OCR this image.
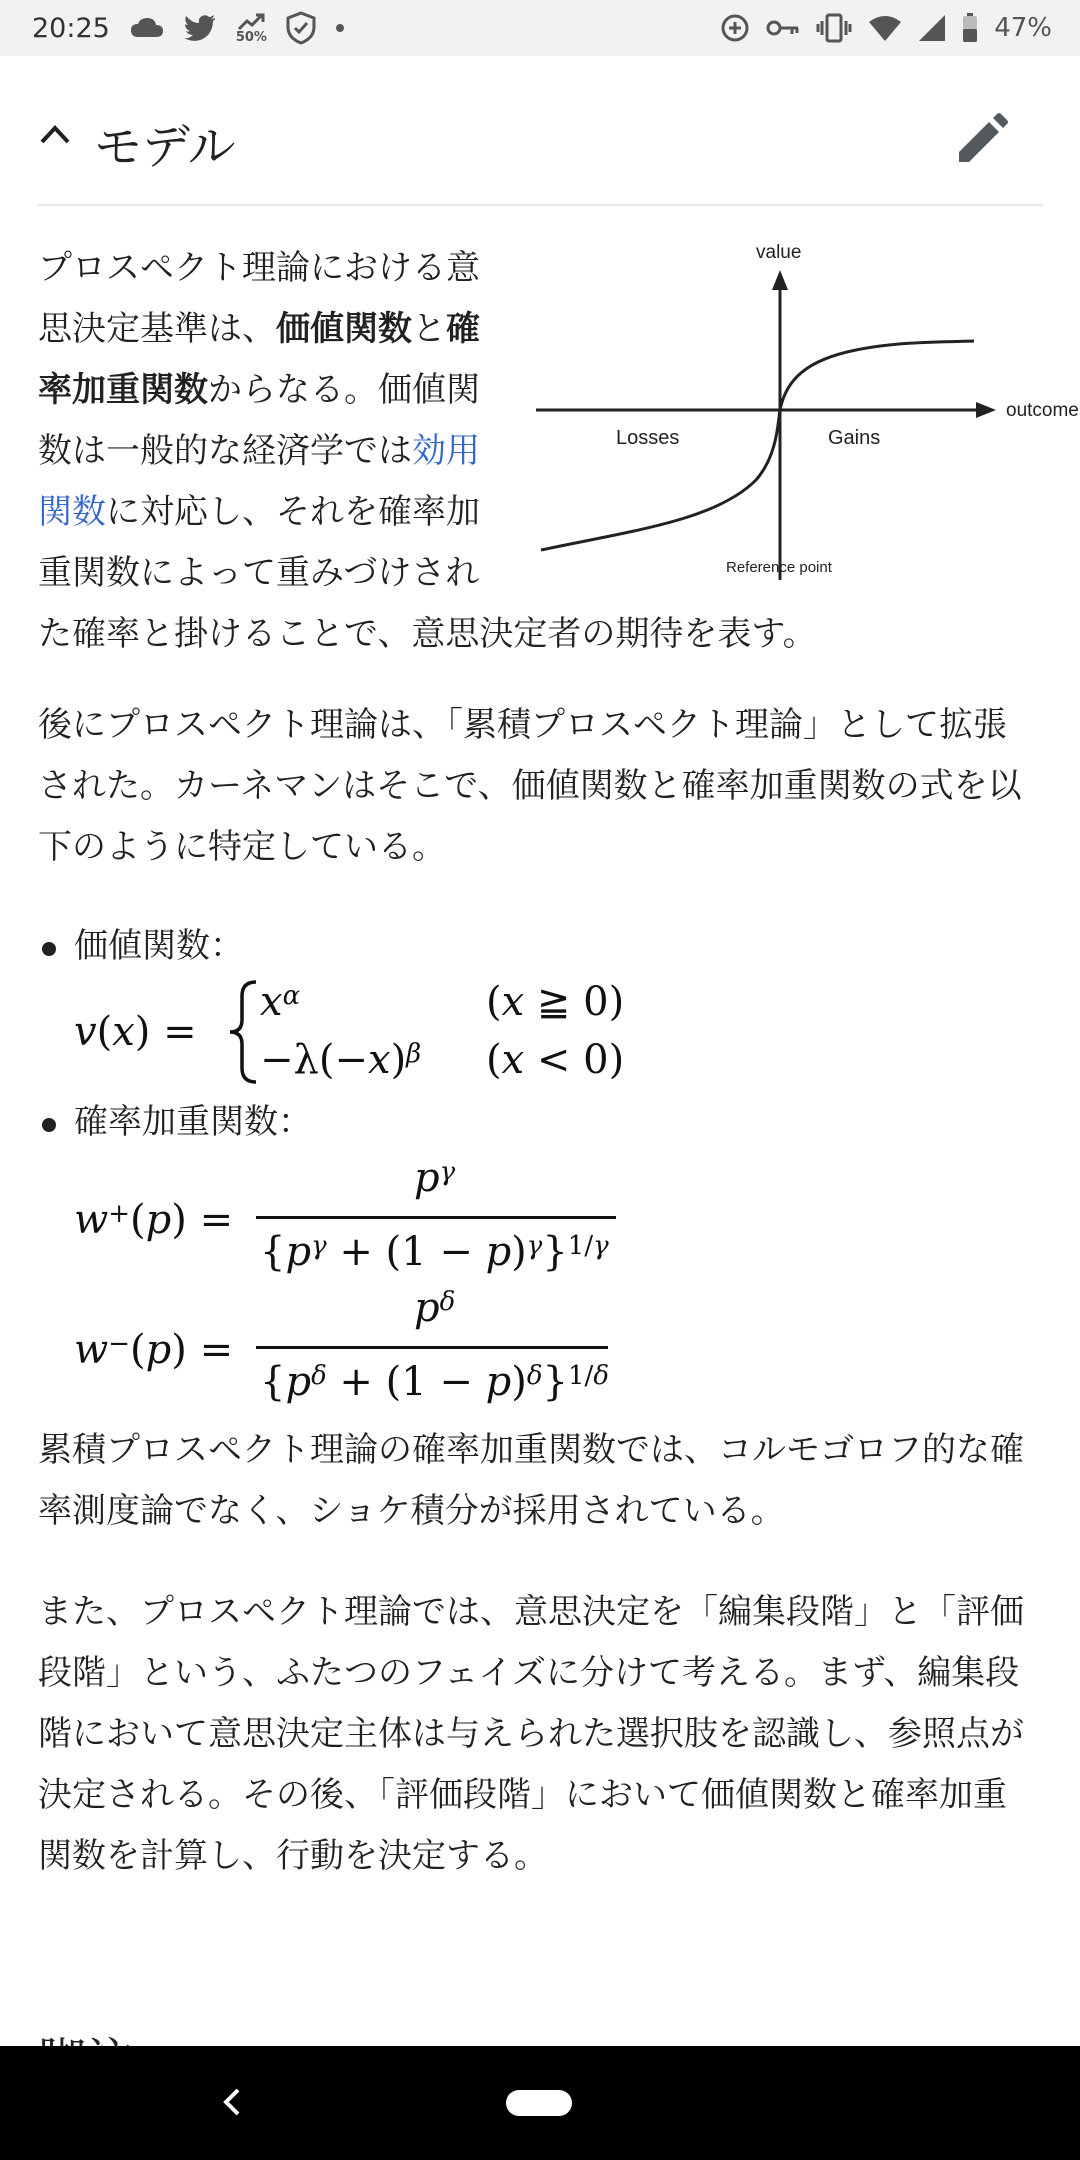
20:25	50%	47%
モデル
value
outcome
Losses	Gains
Reference point

プロスペクト理論における意思決定基準は、価値関数と確率加重関数からなる。価値関数は一般的な経済学では効用関数に対応し、それを確率加重関数によって重みづけされた確率と掛けることで、意思決定者の期待を表す。

後にプロスペクト理論は、「累積プロスペクト理論」として拡張された。カーネマンはそこで、価値関数と確率加重関数の式を以下のように特定している。

価値関数：
v(x) =
$x^\alpha$
$-\lambda(-x)^\beta$
(x ≧ 0)
(x < 0)
確率加重関数：
w+(p) =
$p^\gamma$
$\{p^\gamma + (1 - p)^\gamma\}^{1/\gamma}$
w−(p) =
$p^\delta$
$\{p^\delta + (1 - p)^\delta\}^{1/\delta}$

累積プロスペクト理論の確率加重関数では、コルモゴロフ的な確率測度論でなく、ショケ積分が採用されている。

また、プロスペクト理論では、意思決定を「編集段階」と「評価段階」という、ふたつのフェイズに分けて考える。まず、編集段階において意思決定主体は与えられた選択肢を認識し、参照点が決定される。その後、「評価段階」において価値関数と確率加重関数を計算し、行動を決定する。
